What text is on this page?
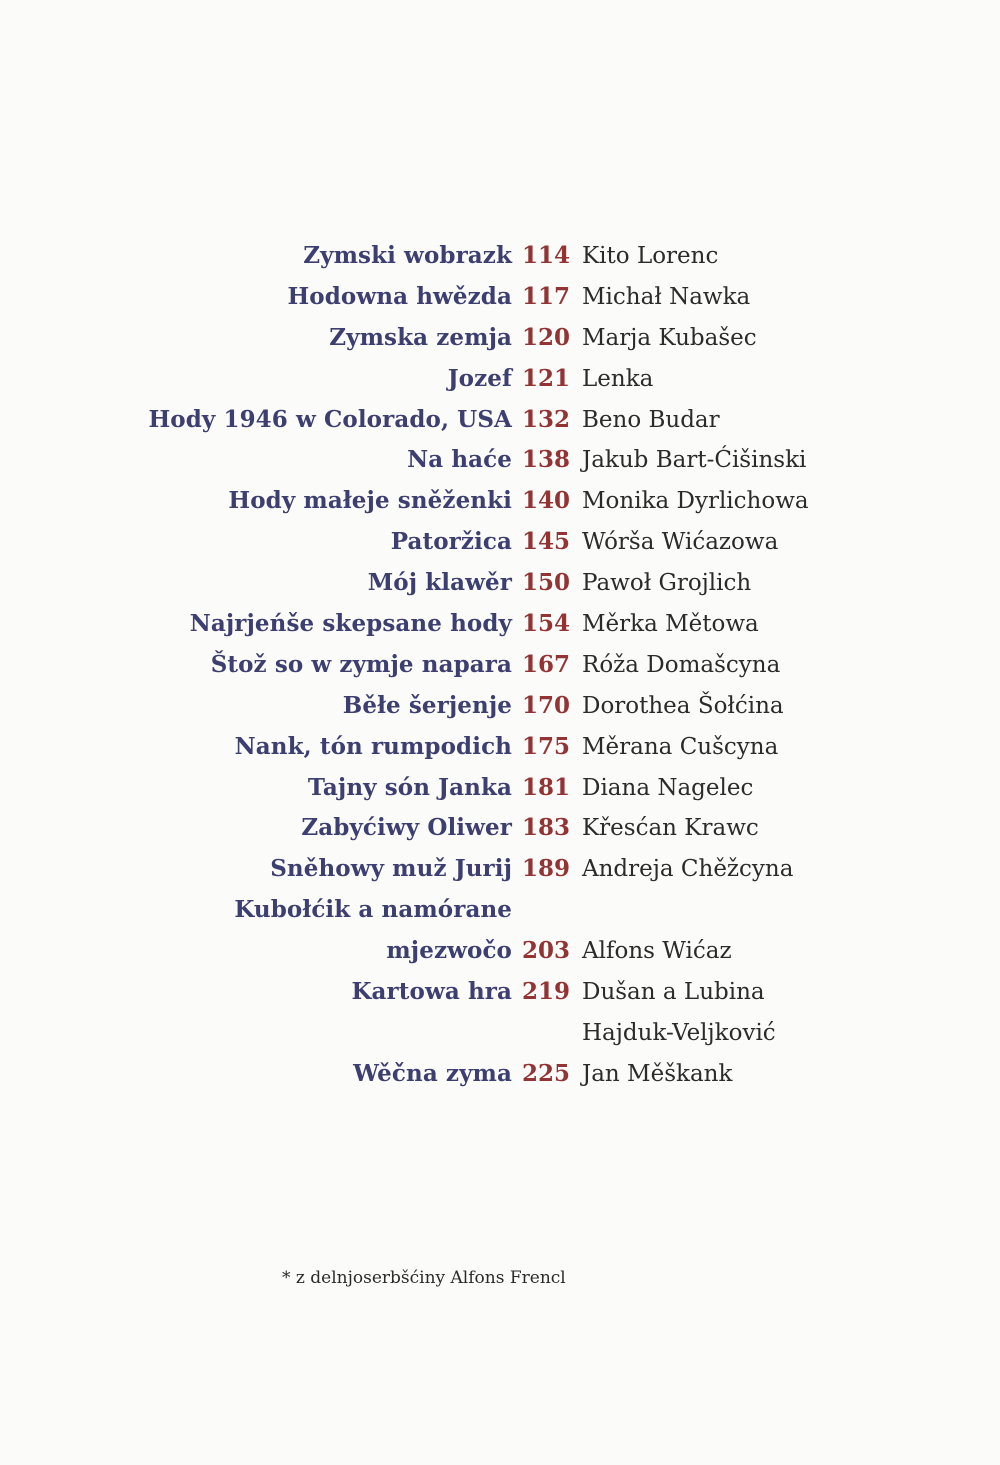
Zymski wobrazk 114 Kito Lorenc
Hodowna hwězda 117 Michał Nawka
Zymska zemja 120 Marja Kubašec
Jozef 121 Lenka
Hody 1946 w Colorado, USA 132 Beno Budar
Na haće 138 Jakub Bart-Ćišinski
Hody małeje sněženki 140 Monika Dyrlichowa
Patoržica 145 Wórša Wićazowa
Mój klawěr 150 Pawoł Grojlich
Najrjeńše skepsane hody 154 Měrka Mětowa
Štož so w zymje napara 167 Róža Domašcyna
Běłe šerjenje 170 Dorothea Šołćina
Nank, tón rumpodich 175 Měrana Cušcyna
Tajny són Janka 181 Diana Nagelec
Zabyćiwy Oliwer 183 Křesćan Krawc
Sněhowy muž Jurij 189 Andreja Chěžcyna
Kubołćik a namórane
mjezwočo 203 Alfons Wićaz
Kartowa hra 219 Dušan a Lubina
Hajduk-Veljković
Wěčna zyma 225 Jan Měškank
* z delnjoserbšćiny Alfons Frencl
